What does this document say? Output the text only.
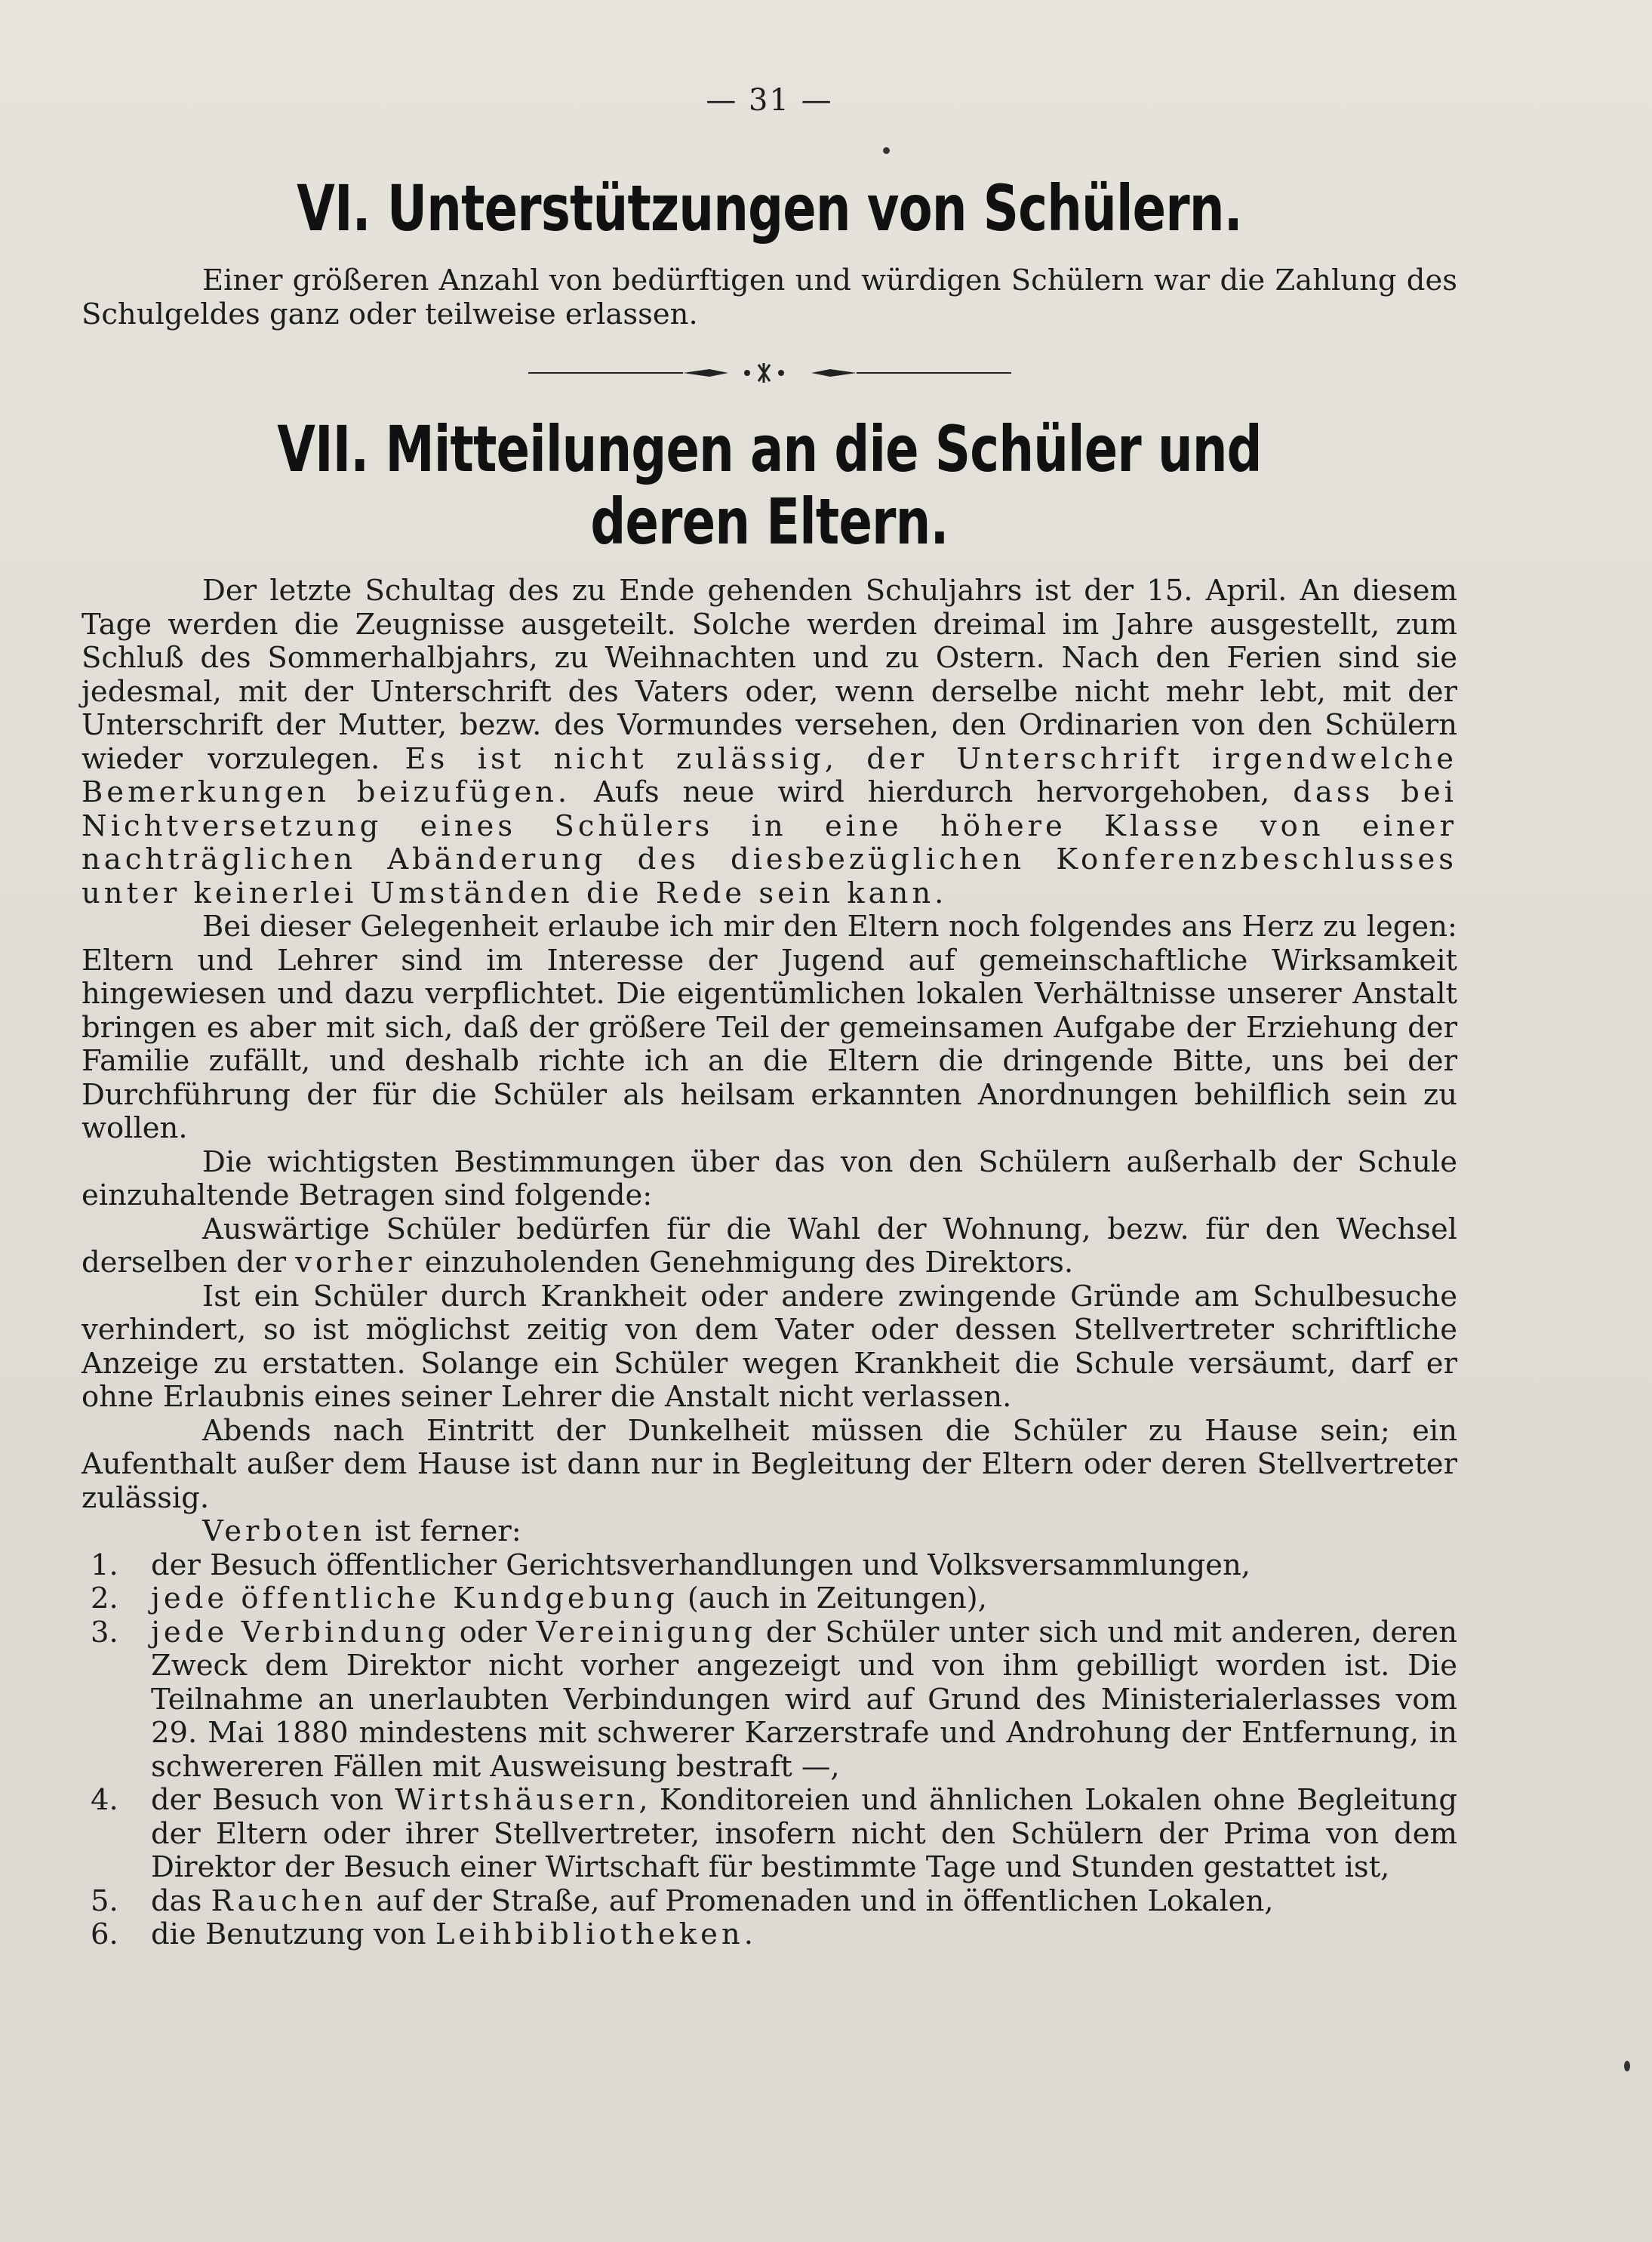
— 31 —
VI. Unterstützungen von Schülern.

Einer größeren Anzahl von bedürftigen und würdigen Schülern war die Zahlung des Schulgeldes ganz oder teilweise erlassen.

VII. Mitteilungen an die Schüler und deren Eltern.

Der letzte Schultag des zu Ende gehenden Schuljahrs ist der 15. April. An diesem Tage werden die Zeugnisse ausgeteilt. Solche werden dreimal im Jahre ausgestellt, zum Schluß des Sommerhalbjahrs, zu Weihnachten und zu Ostern. Nach den Ferien sind sie jedesmal, mit der Unterschrift des Vaters oder, wenn derselbe nicht mehr lebt, mit der Unterschrift der Mutter, bezw. des Vormundes versehen, den Ordinarien von den Schülern wieder vorzulegen. Es ist nicht zulässig, der Unterschrift irgendwelche Bemerkungen beizufügen. Aufs neue wird hierdurch hervorgehoben, dass bei Nichtversetzung eines Schülers in eine höhere Klasse von einer nachträglichen Abänderung des diesbezüglichen Konferenzbeschlusses unter keinerlei Umständen die Rede sein kann.

Bei dieser Gelegenheit erlaube ich mir den Eltern noch folgendes ans Herz zu legen: Eltern und Lehrer sind im Interesse der Jugend auf gemeinschaftliche Wirksamkeit hingewiesen und dazu verpflichtet. Die eigentümlichen lokalen Verhältnisse unserer Anstalt bringen es aber mit sich, daß der größere Teil der gemeinsamen Aufgabe der Erziehung der Familie zufällt, und deshalb richte ich an die Eltern die dringende Bitte, uns bei der Durchführung der für die Schüler als heilsam erkannten Anordnungen behilflich sein zu wollen.

Die wichtigsten Bestimmungen über das von den Schülern außerhalb der Schule einzuhaltende Betragen sind folgende:

Auswärtige Schüler bedürfen für die Wahl der Wohnung, bezw. für den Wechsel derselben der vorher einzuholenden Genehmigung des Direktors.

Ist ein Schüler durch Krankheit oder andere zwingende Gründe am Schulbesuche verhindert, so ist möglichst zeitig von dem Vater oder dessen Stellvertreter schriftliche Anzeige zu erstatten. Solange ein Schüler wegen Krankheit die Schule versäumt, darf er ohne Erlaubnis eines seiner Lehrer die Anstalt nicht verlassen.

Abends nach Eintritt der Dunkelheit müssen die Schüler zu Hause sein; ein Aufenthalt außer dem Hause ist dann nur in Begleitung der Eltern oder deren Stellvertreter zulässig.

Verboten ist ferner:

1.	der Besuch öffentlicher Gerichtsverhandlungen und Volksversammlungen,
2.	jede öffentliche Kundgebung (auch in Zeitungen),
3.	jede Verbindung oder Vereinigung der Schüler unter sich und mit anderen, deren Zweck dem Direktor nicht vorher angezeigt und von ihm gebilligt worden ist. Die Teilnahme an unerlaubten Verbindungen wird auf Grund des Ministerialerlasses vom 29. Mai 1880 mindestens mit schwerer Karzerstrafe und Androhung der Entfernung, in schwereren Fällen mit Ausweisung bestraft —,
4.	der Besuch von Wirtshäusern, Konditoreien und ähnlichen Lokalen ohne Begleitung der Eltern oder ihrer Stellvertreter, insofern nicht den Schülern der Prima von dem Direktor der Besuch einer Wirtschaft für bestimmte Tage und Stunden gestattet ist,
5.	das Rauchen auf der Straße, auf Promenaden und in öffentlichen Lokalen,
6.	die Benutzung von Leihbibliotheken.
